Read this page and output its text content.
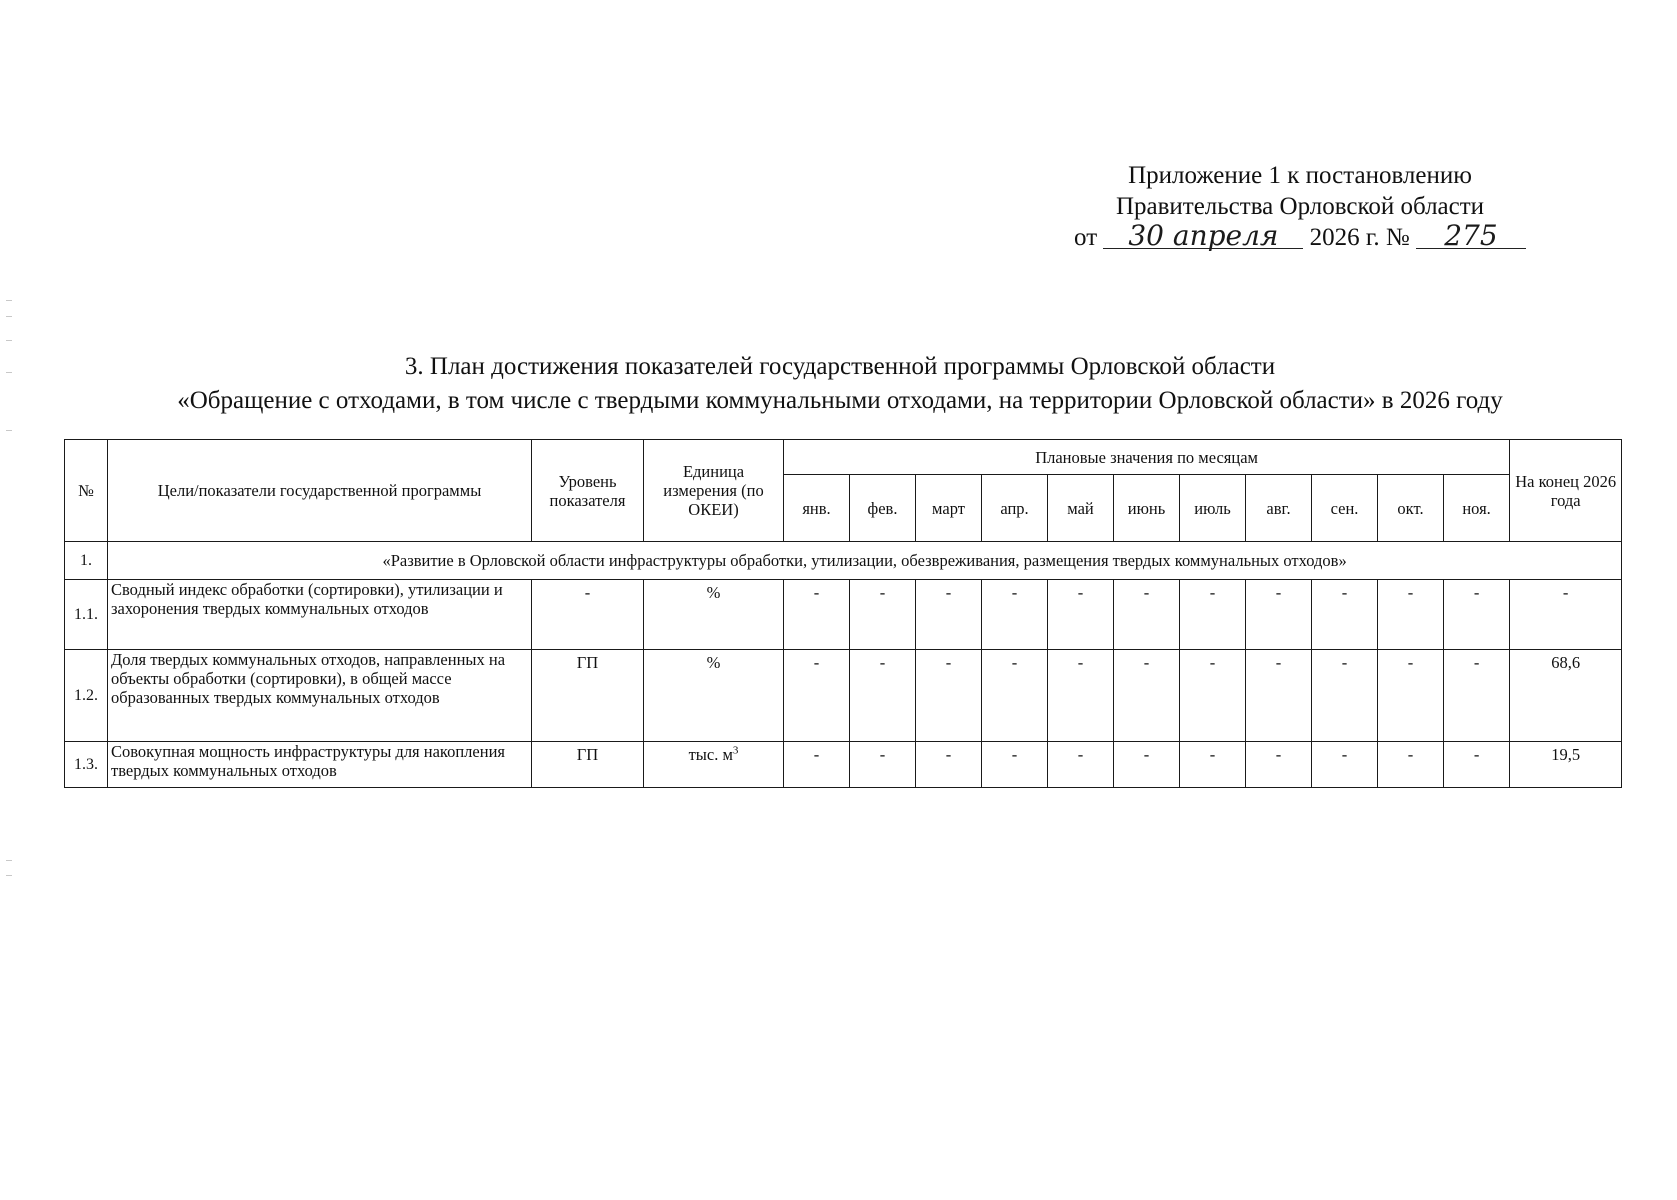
Приложение 1 к постановлению
Правительства Орловской области
от 30 апреля 2026 г. № 275
3. План достижения показателей государственной программы Орловской области
«Обращение с отходами, в том числе с твердыми коммунальными отходами, на территории Орловской области» в 2026 году
№	Цели/показатели государственной программы	Уровень показателя	Единица измерения (по ОКЕИ)	Плановые значения по месяцам											На конец 2026 года
				янв.	фев.	март	апр.	май	июнь	июль	авг.	сен.	окт.	ноя.	
1.	«Развитие в Орловской области инфраструктуры обработки, утилизации, обезвреживания, размещения твердых коммунальных отходов»														
1.1.	Сводный индекс обработки (сортировки), утилизации и захоронения твердых коммунальных отходов	-	%	-	-	-	-	-	-	-	-	-	-	-	-
1.2.	Доля твердых коммунальных отходов, направленных на объекты обработки (сортировки), в общей массе образованных твердых коммунальных отходов	ГП	%	-	-	-	-	-	-	-	-	-	-	-	68,6
1.3.	Совокупная мощность инфраструктуры для накопления твердых коммунальных отходов	ГП	тыс. $м^3$	-	-	-	-	-	-	-	-	-	-	-	19,5
